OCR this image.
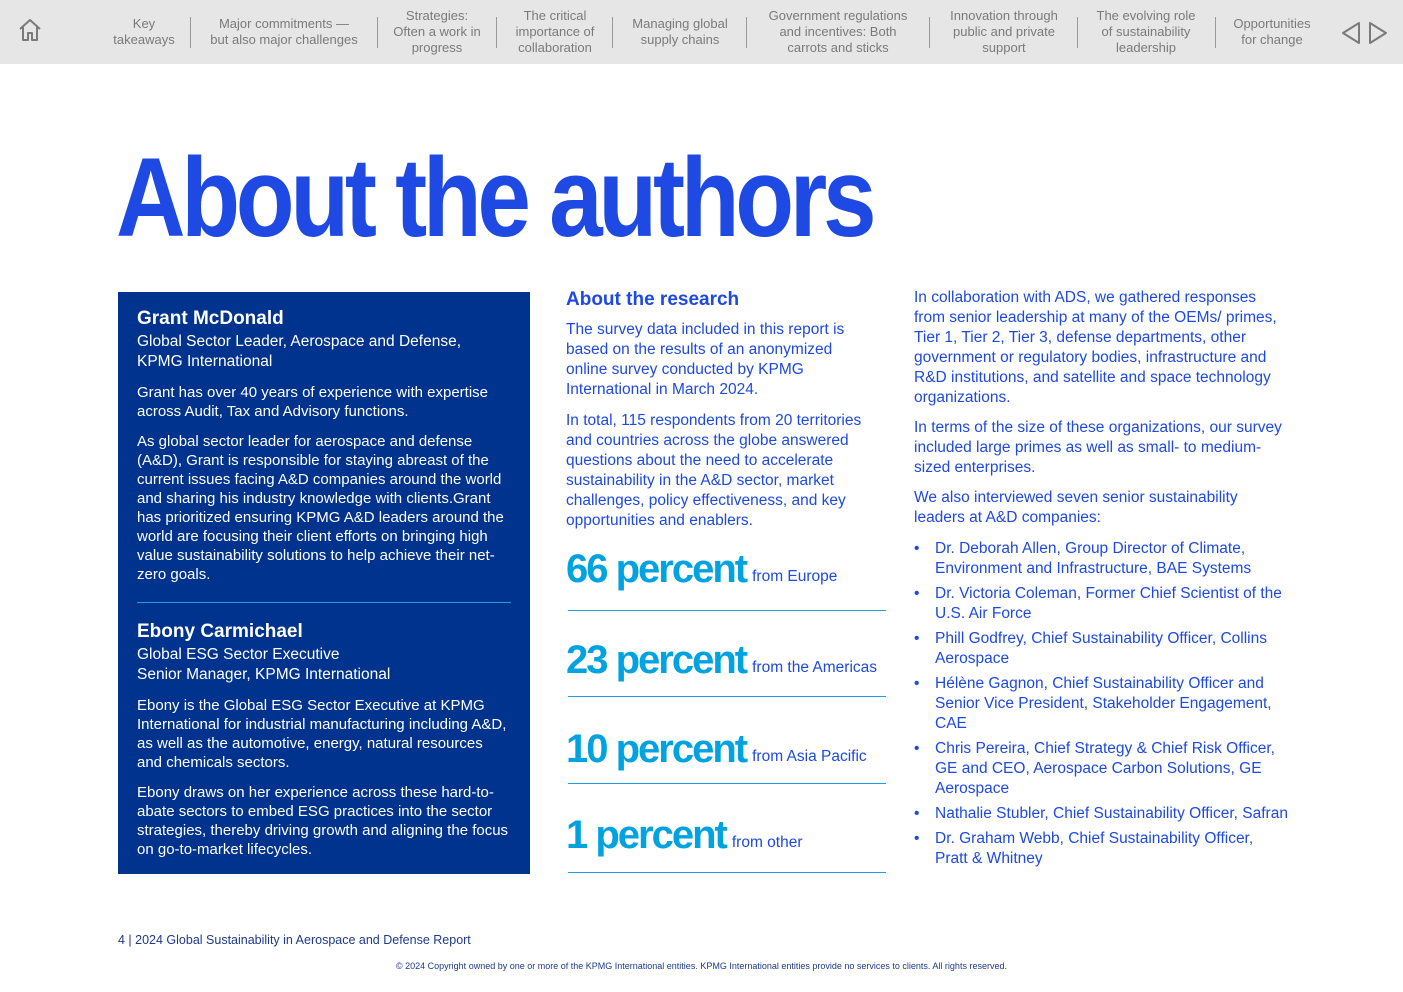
Key
takeaways
Major commitments —
but also major challenges
Strategies:
Often a work in
progress
The critical
importance of
collaboration
Managing global
supply chains
Government regulations
and incentives: Both
carrots and sticks
Innovation through
public and private
support
The evolving role
of sustainability
leadership
Opportunities
for change
About the authors
Grant McDonald
Global Sector Leader, Aerospace and Defense,
KPMG International

Grant has over 40 years of experience with expertise across Audit, Tax and Advisory functions.

As global sector leader for aerospace and defense (A&D), Grant is responsible for staying abreast of the current issues facing A&D companies around the world and sharing his industry knowledge with clients.Grant has prioritized ensuring KPMG A&D leaders around the world are focusing their client efforts on bringing high value sustainability solutions to help achieve their net-zero goals.

Ebony Carmichael
Global ESG Sector Executive
Senior Manager, KPMG International

Ebony is the Global ESG Sector Executive at KPMG International for industrial manufacturing including A&D, as well as the automotive, energy, natural resources and chemicals sectors.

Ebony draws on her experience across these hard-to-abate sectors to embed ESG practices into the sector strategies, thereby driving growth and aligning the focus on go-to-market lifecycles.

About the research

The survey data included in this report is based on the results of an anonymized online survey conducted by KPMG International in March 2024.

In total, 115 respondents from 20 territories and countries across the globe answered questions about the need to accelerate sustainability in the A&D sector, market challenges, policy effectiveness, and key opportunities and enablers.

66 percent from Europe
23 percent from the Americas
10 percent from Asia Pacific
1 percent from other

In collaboration with ADS, we gathered responses from senior leadership at many of the OEMs/ primes, Tier 1, Tier 2, Tier 3, defense departments, other government or regulatory bodies, infrastructure and R&D institutions, and satellite and space technology organizations.

In terms of the size of these organizations, our survey included large primes as well as small- to medium-sized enterprises.

We also interviewed seven senior sustainability leaders at A&D companies:

• Dr. Deborah Allen, Group Director of Climate, Environment and Infrastructure, BAE Systems
• Dr. Victoria Coleman, Former Chief Scientist of the U.S. Air Force
• Phill Godfrey, Chief Sustainability Officer, Collins Aerospace
• Hélène Gagnon, Chief Sustainability Officer and Senior Vice President, Stakeholder Engagement, CAE
• Chris Pereira, Chief Strategy & Chief Risk Officer, GE and CEO, Aerospace Carbon Solutions, GE Aerospace
• Nathalie Stubler, Chief Sustainability Officer, Safran
• Dr. Graham Webb, Chief Sustainability Officer, Pratt & Whitney
4 | 2024 Global Sustainability in Aerospace and Defense Report
© 2024 Copyright owned by one or more of the KPMG International entities. KPMG International entities provide no services to clients. All rights reserved.
